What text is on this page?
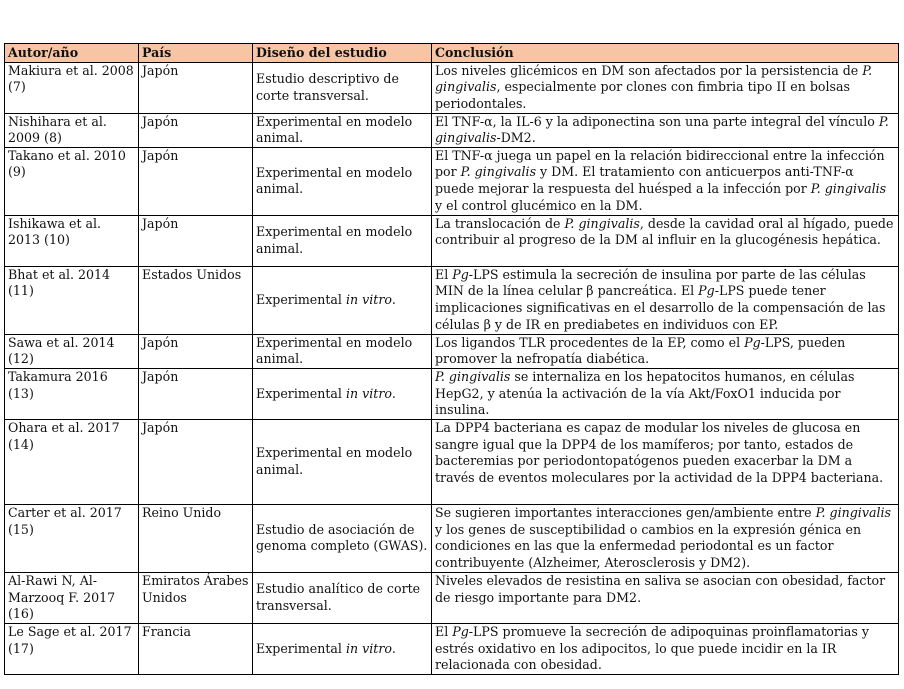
Autor/año	País	Diseño del estudio	Conclusión
Makiura et al. 2008 (7)	Japón	Estudio descriptivo de corte transversal.	Los niveles glicémicos en DM son afectados por la persistencia de P. gingivalis, especialmente por clones con fimbria tipo II en bolsas periodontales.
Nishihara et al. 2009 (8)	Japón	Experimental en modelo animal.	El TNF-α, la IL-6 y la adiponectina son una parte integral del vínculo P. gingivalis-DM2.
Takano et al. 2010 (9)	Japón	Experimental en modelo animal.	El TNF-α juega un papel en la relación bidireccional entre la infección por P. gingivalis y DM. El tratamiento con anticuerpos anti-TNF-α puede mejorar la respuesta del huésped a la infección por P. gingivalis y el control glucémico en la DM.
Ishikawa et al. 2013 (10)	Japón	Experimental en modelo animal.	La translocación de P. gingivalis, desde la cavidad oral al hígado, puede contribuir al progreso de la DM al influir en la glucogénesis hepática.
Bhat et al. 2014 (11)	Estados Unidos	Experimental in vitro.	El Pg-LPS estimula la secreción de insulina por parte de las células MIN de la línea celular β pancreática. El Pg-LPS puede tener implicaciones significativas en el desarrollo de la compensación de las células β y de IR en prediabetes en individuos con EP.
Sawa et al. 2014 (12)	Japón	Experimental en modelo animal.	Los ligandos TLR procedentes de la EP, como el Pg-LPS, pueden promover la nefropatía diabética.
Takamura 2016 (13)	Japón	Experimental in vitro.	P. gingivalis se internaliza en los hepatocitos humanos, en células HepG2, y atenúa la activación de la vía Akt/FoxO1 inducida por insulina.
Ohara et al. 2017 (14)	Japón	Experimental en modelo animal.	La DPP4 bacteriana es capaz de modular los niveles de glucosa en sangre igual que la DPP4 de los mamíferos; por tanto, estados de bacteremias por periodontopatógenos pueden exacerbar la DM a través de eventos moleculares por la actividad de la DPP4 bacteriana.
Carter et al. 2017 (15)	Reino Unido	Estudio de asociación de genoma completo (GWAS).	Se sugieren importantes interacciones gen/ambiente entre P. gingivalis y los genes de susceptibilidad o cambios en la expresión génica en condiciones en las que la enfermedad periodontal es un factor contribuyente (Alzheimer, Aterosclerosis y DM2).
Al-Rawi N, Al-Marzooq F. 2017 (16)	Emiratos Árabes Unidos	Estudio analítico de corte transversal.	Niveles elevados de resistina en saliva se asocian con obesidad, factor de riesgo importante para DM2.
Le Sage et al. 2017 (17)	Francia	Experimental in vitro.	El Pg-LPS promueve la secreción de adipoquinas proinflamatorias y estrés oxidativo en los adipocitos, lo que puede incidir en la IR relacionada con obesidad.
